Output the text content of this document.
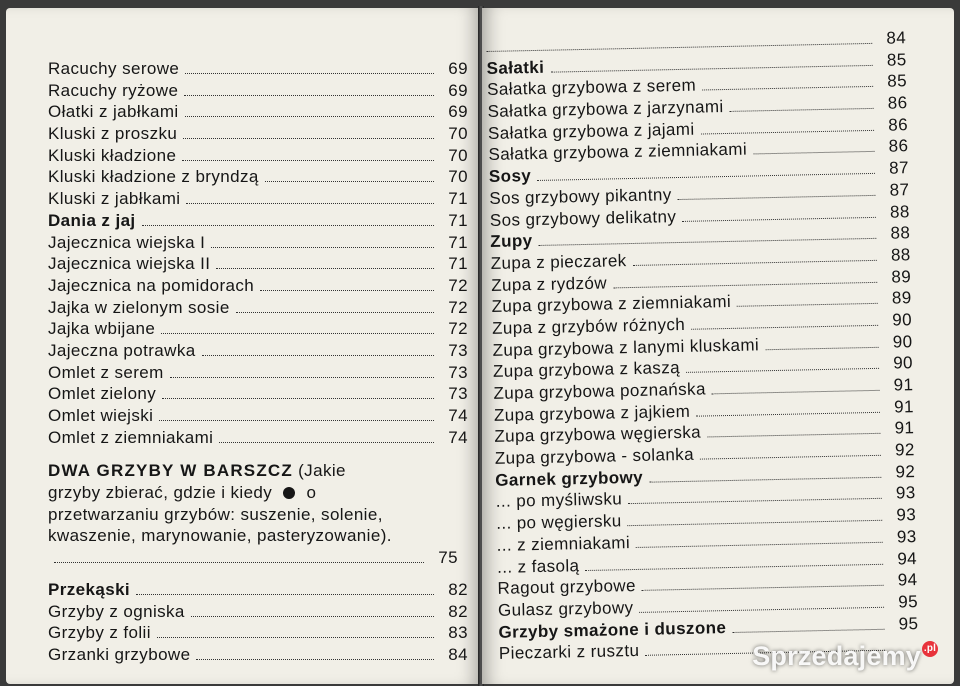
Racuchy serowe	69
Racuchy ryżowe	69
Ołatki z jabłkami	69
Kluski z proszku	70
Kluski kładzione	70
Kluski kładzione z bryndzą	70
Kluski z jabłkami	71
Dania z jaj	71
Jajecznica wiejska I	71
Jajecznica wiejska II	71
Jajecznica na pomidorach	72
Jajka w zielonym sosie	72
Jajka wbijane	72
Jajeczna potrawka	73
Omlet z serem	73
Omlet zielony	73
Omlet wiejski	74
Omlet z ziemniakami	74
DWA GRZYBY W BARSZCZ (Jakie grzyby zbierać, gdzie i kiedy o przetwarzaniu grzybów: suszenie, solenie, kwaszenie, marynowanie, pasteryzowanie).
75
Przekąski	82
Grzyby z ogniska	82
Grzyby z folii	83
Grzanki grzybowe	84
84
Sałatki	85
Sałatka grzybowa z serem	85
Sałatka grzybowa z jarzynami	86
Sałatka grzybowa z jajami	86
Sałatka grzybowa z ziemniakami	86
Sosy	87
Sos grzybowy pikantny	87
Sos grzybowy delikatny	88
Zupy	88
Zupa z pieczarek	88
Zupa z rydzów	89
Zupa grzybowa z ziemniakami	89
Zupa z grzybów różnych	90
Zupa grzybowa z lanymi kluskami	90
Zupa grzybowa z kaszą	90
Zupa grzybowa poznańska	91
Zupa grzybowa z jajkiem	91
Zupa grzybowa węgierska	91
Zupa grzybowa - solanka	92
Garnek grzybowy	92
... po myśliwsku	93
... po węgiersku	93
... z ziemniakami	93
... z fasolą	94
Ragout grzybowe	94
Gulasz grzybowy	95
Grzyby smażone i duszone	95
Pieczarki z rusztu	Sprzedajemy .pl
